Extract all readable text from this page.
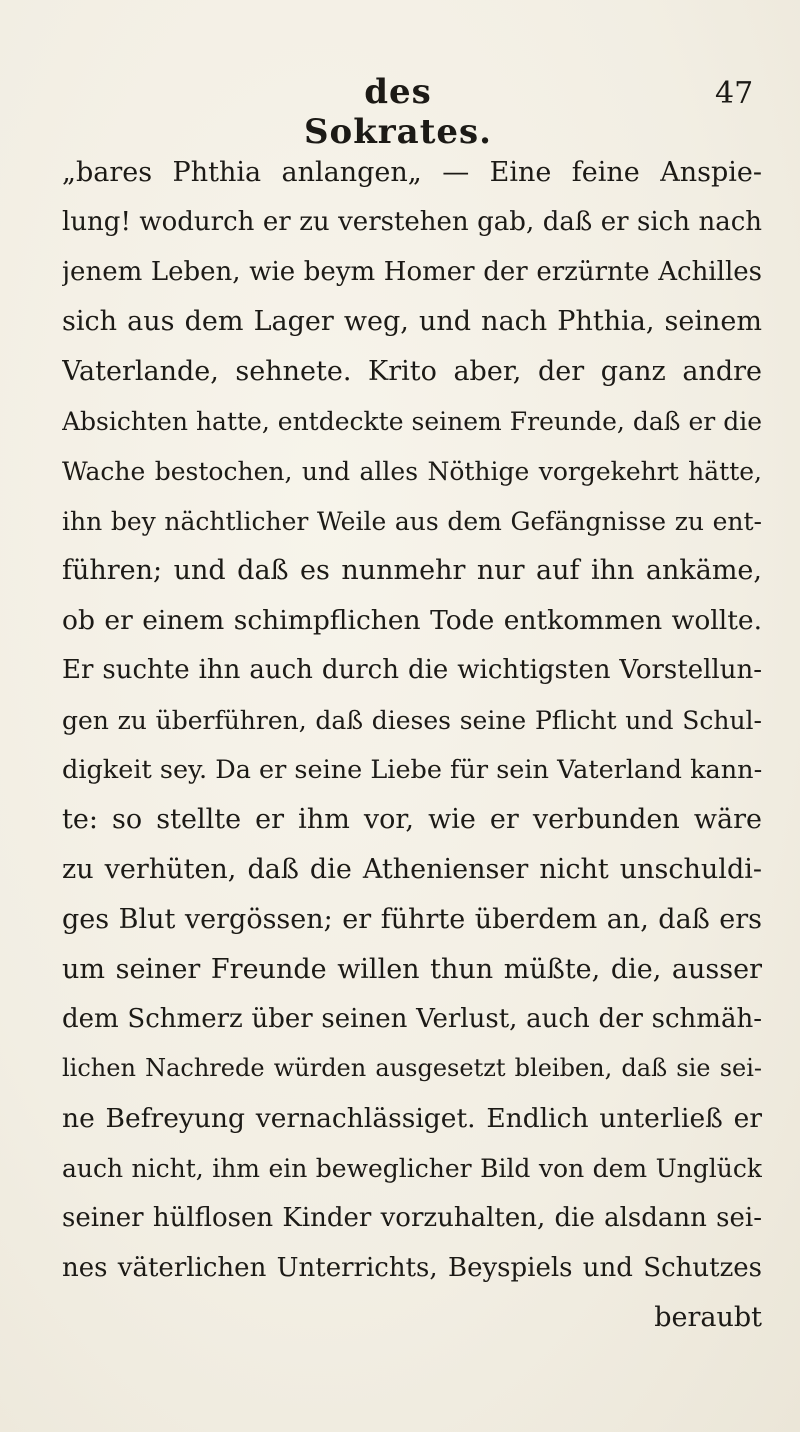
des Sokrates.
47
„bares Phthia anlangen„ — Eine feine Anspie-
lung! wodurch er zu verstehen gab, daß er sich nach
jenem Leben, wie beym Homer der erzürnte Achilles
sich aus dem Lager weg, und nach Phthia, seinem
Vaterlande, sehnete. Krito aber, der ganz andre
Absichten hatte, entdeckte seinem Freunde, daß er die
Wache bestochen, und alles Nöthige vorgekehrt hätte,
ihn bey nächtlicher Weile aus dem Gefängnisse zu ent-
führen; und daß es nunmehr nur auf ihn ankäme,
ob er einem schimpflichen Tode entkommen wollte.
Er suchte ihn auch durch die wichtigsten Vorstellun-
gen zu überführen, daß dieses seine Pflicht und Schul-
digkeit sey. Da er seine Liebe für sein Vaterland kann-
te: so stellte er ihm vor, wie er verbunden wäre
zu verhüten, daß die Athenienser nicht unschuldi-
ges Blut vergössen; er führte überdem an, daß ers
um seiner Freunde willen thun müßte, die, ausser
dem Schmerz über seinen Verlust, auch der schmäh-
lichen Nachrede würden ausgesetzt bleiben, daß sie sei-
ne Befreyung vernachlässiget. Endlich unterließ er
auch nicht, ihm ein beweglicher Bild von dem Unglück
seiner hülflosen Kinder vorzuhalten, die alsdann sei-
nes väterlichen Unterrichts, Beyspiels und Schutzes
beraubt
